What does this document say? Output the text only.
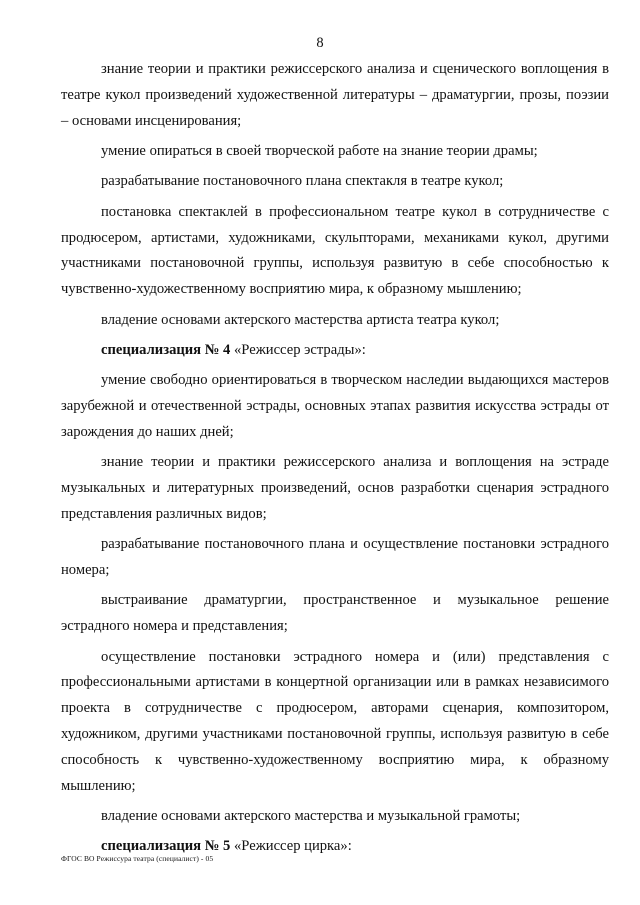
8

знание теории и практики режиссерского анализа и сценического воплощения в театре кукол произведений художественной литературы – драматургии, прозы, поэзии – основами инсценирования;

умение опираться в своей творческой работе на знание теории драмы;

разрабатывание постановочного плана спектакля в театре кукол;

постановка спектаклей в профессиональном театре кукол в сотрудничестве с продюсером, артистами, художниками, скульпторами, механиками кукол, другими участниками постановочной группы, используя развитую в себе способностью к чувственно-художественному восприятию мира, к образному мышлению;

владение основами актерского мастерства артиста театра кукол;

специализация № 4 «Режиссер эстрады»:

умение свободно ориентироваться в творческом наследии выдающихся мастеров зарубежной и отечественной эстрады, основных этапах развития искусства эстрады от зарождения до наших дней;

знание теории и практики режиссерского анализа и воплощения на эстраде музыкальных и литературных произведений, основ разработки сценария эстрадного представления различных видов;

разрабатывание постановочного плана и осуществление постановки эстрадного номера;

выстраивание драматургии, пространственное и музыкальное решение эстрадного номера и представления;

осуществление постановки эстрадного номера и (или) представления с профессиональными артистами в концертной организации или в рамках независимого проекта в сотрудничестве с продюсером, авторами сценария, композитором, художником, другими участниками постановочной группы, используя развитую в себе способность к чувственно-художественному восприятию мира, к образному мышлению;

владение основами актерского мастерства и музыкальной грамоты;

специализация № 5 «Режиссер цирка»:

ФГОС ВО Режиссура театра (специалист) - 05
